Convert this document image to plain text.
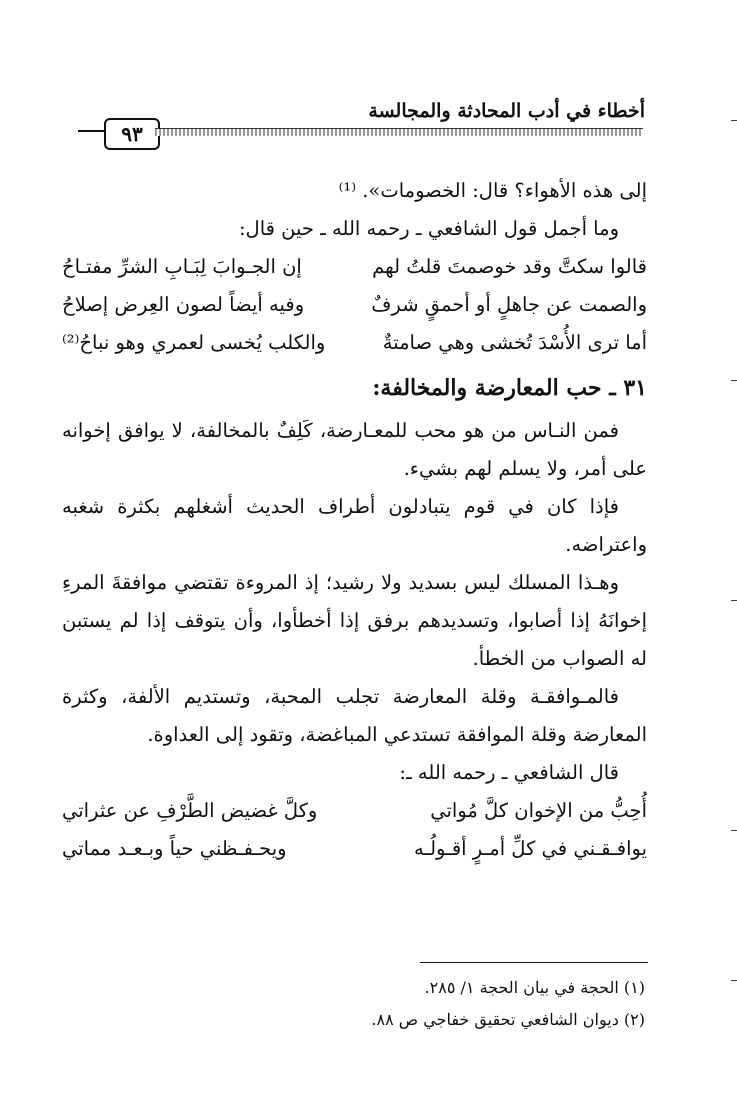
أخطاء في أدب المحادثة والمجالسة
٩٣

إلى هذه الأهواء؟ قال: الخصومات». ⁽¹⁾

وما أجمل قول الشافعي ـ رحمه الله ـ حين قال:

قالوا سكتَّ وقد خوصمتَ قلتُ لهم
إن الجـوابَ لِبَـابِ الشرِّ مفتـاحُ
والصمت عن جاهلٍ أو أحمقٍ شرفٌ
وفيه أيضاً لصون العِرض إصلاحُ
أما ترى الأُسْدَ تُخشى وهي صامتةٌ
والكلب يُخسى لعمري وهو نباحُ⁽²⁾

٣١ ـ حب المعارضة والمخالفة:

فمن النـاس من هو محب للمعـارضة، كَلِفٌ بالمخالفة، لا يوافق إخوانه على أمر، ولا يسلم لهم بشيء.

فإذا كان في قوم يتبادلون أطراف الحديث أشغلهم بكثرة شغبه واعتراضه.

وهـذا المسلك ليس بسديد ولا رشيد؛ إذ المروءة تقتضي موافقةَ المرءِ إخوانَهُ إذا أصابوا، وتسديدهم برفق إذا أخطأوا، وأن يتوقف إذا لم يستبن له الصواب من الخطأ.

فالمـوافقـة وقلة المعارضة تجلب المحبة، وتستديم الألفة، وكثرة المعارضة وقلة الموافقة تستدعي المباغضة، وتقود إلى العداوة.

قال الشافعي ـ رحمه الله ـ:

أُحِبُّ من الإخوان كلَّ مُواتي
وكلَّ غضيض الطَّرْفِ عن عثراتي
يوافـقـني في كلِّ أمـرٍ أقـولُـه
ويحـفـظني حياً وبـعـد مماتي
(١) الحجة في بيان الحجة ١/ ٢٨٥.
(٢) ديوان الشافعي تحقيق خفاجي ص ٨٨.
